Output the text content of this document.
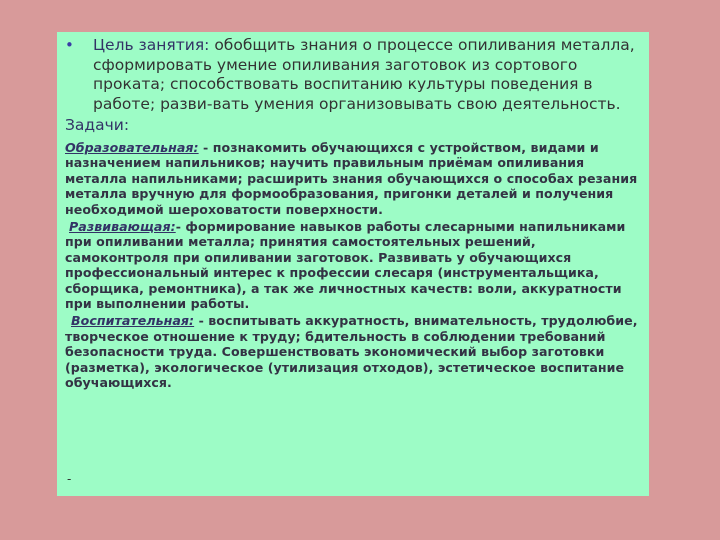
• Цель занятия: обобщить знания о процессе опиливания металла, сформировать умение опиливания заготовок из сортового проката; способствовать воспитанию культуры поведения в работе; разви-вать умения организовывать свою деятельность.
Задачи:
Образовательная: - познакомить обучающихся с устройством, видами и назначением напильников; научить правильным приёмам опиливания металла напильниками; расширить знания обучающихся о способах резания металла вручную для формообразования, пригонки деталей и получения необходимой шероховатости поверхности.
Развивающая:- формирование навыков работы слесарными напильниками при опиливании металла; принятия самостоятельных решений, самоконтроля при опиливании заготовок. Развивать у обучающихся профессиональный интерес к профессии слесаря (инструментальщика, сборщика, ремонтника), а так же личностных качеств: воли, аккуратности при выполнении работы.
Воспитательная: - воспитывать аккуратность, внимательность, трудолюбие, творческое отношение к труду; бдительность в соблюдении требований безопасности труда. Совершенствовать экономический выбор заготовки (разметка), экологическое (утилизация отходов), эстетическое воспитание обучающихся.
-
